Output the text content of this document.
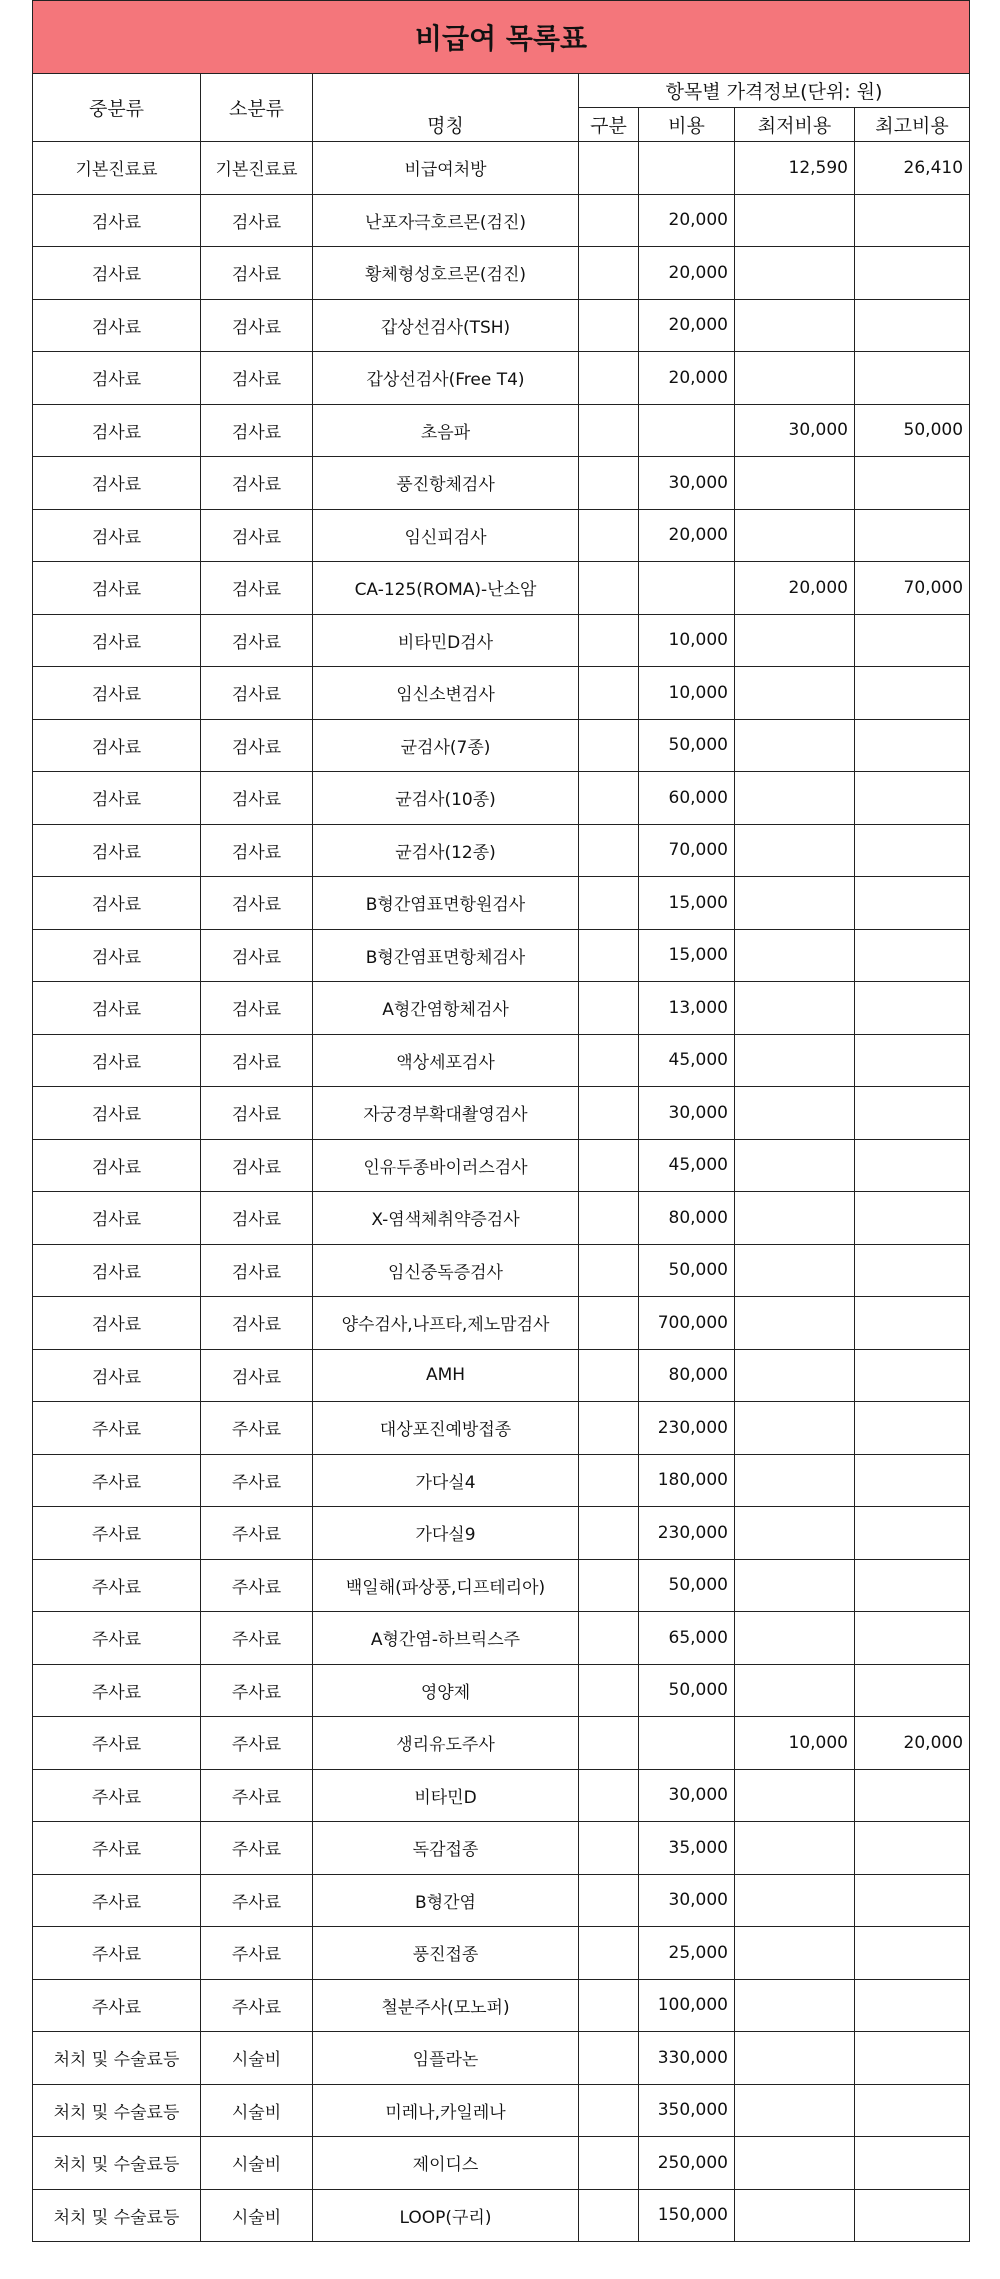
비급여 목록표						
중분류	소분류		항목별 가격정보(단위: 원)			
		명칭	구분	비용	최저비용	최고비용
기본진료료	기본진료료	비급여처방			12,590	26,410
검사료	검사료	난포자극호르몬(검진)		20,000		
검사료	검사료	황체형성호르몬(검진)		20,000		
검사료	검사료	갑상선검사(TSH)		20,000		
검사료	검사료	갑상선검사(Free T4)		20,000		
검사료	검사료	초음파			30,000	50,000
검사료	검사료	풍진항체검사		30,000		
검사료	검사료	임신피검사		20,000		
검사료	검사료	CA-125(ROMA)-난소암			20,000	70,000
검사료	검사료	비타민D검사		10,000		
검사료	검사료	임신소변검사		10,000		
검사료	검사료	균검사(7종)		50,000		
검사료	검사료	균검사(10종)		60,000		
검사료	검사료	균검사(12종)		70,000		
검사료	검사료	B형간염표면항원검사		15,000		
검사료	검사료	B형간염표면항체검사		15,000		
검사료	검사료	A형간염항체검사		13,000		
검사료	검사료	액상세포검사		45,000		
검사료	검사료	자궁경부확대촬영검사		30,000		
검사료	검사료	인유두종바이러스검사		45,000		
검사료	검사료	X-염색체취약증검사		80,000		
검사료	검사료	임신중독증검사		50,000		
검사료	검사료	양수검사,나프타,제노맘검사		700,000		
검사료	검사료	AMH		80,000		
주사료	주사료	대상포진예방접종		230,000		
주사료	주사료	가다실4		180,000		
주사료	주사료	가다실9		230,000		
주사료	주사료	백일해(파상풍,디프테리아)		50,000		
주사료	주사료	A형간염-하브릭스주		65,000		
주사료	주사료	영양제		50,000		
주사료	주사료	생리유도주사			10,000	20,000
주사료	주사료	비타민D		30,000		
주사료	주사료	독감접종		35,000		
주사료	주사료	B형간염		30,000		
주사료	주사료	풍진접종		25,000		
주사료	주사료	철분주사(모노퍼)		100,000		
처치 및 수술료등	시술비	임플라논		330,000		
처치 및 수술료등	시술비	미레나,카일레나		350,000		
처치 및 수술료등	시술비	제이디스		250,000		
처치 및 수술료등	시술비	LOOP(구리)		150,000		
